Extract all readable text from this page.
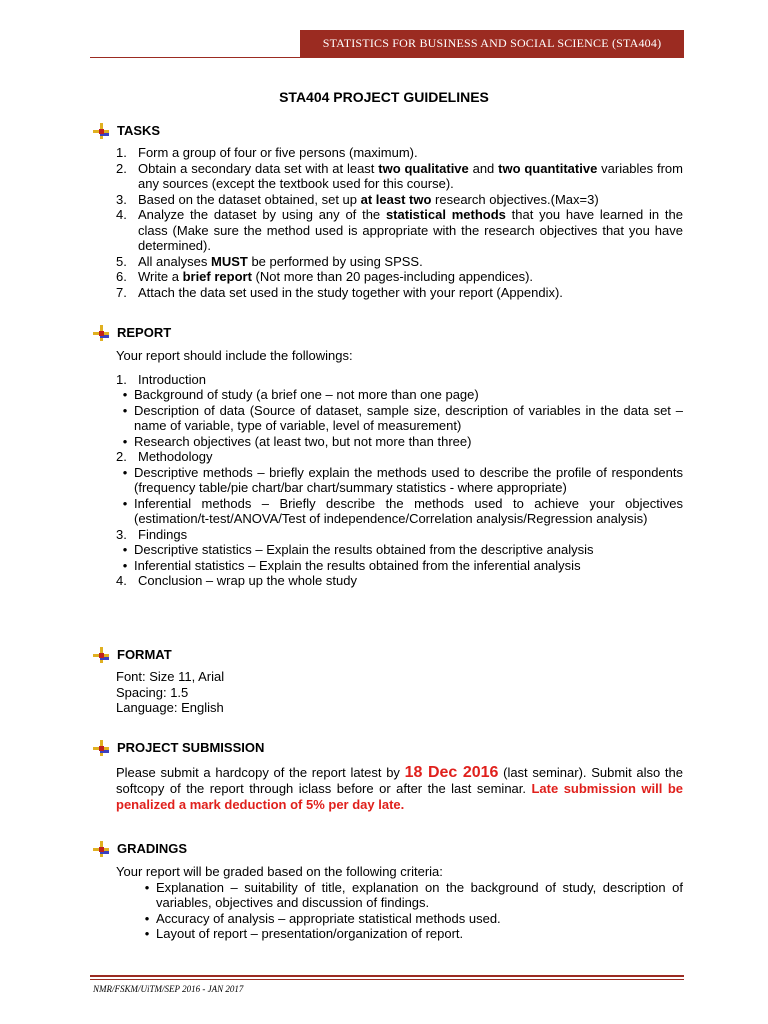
STATISTICS FOR BUSINESS AND SOCIAL SCIENCE (STA404)
STA404 PROJECT GUIDELINES
TASKS
1. Form a group of four or five persons (maximum).
2. Obtain a secondary data set with at least two qualitative and two quantitative variables from any sources (except the textbook used for this course).
3. Based on the dataset obtained, set up at least two research objectives.(Max=3)
4. Analyze the dataset by using any of the statistical methods that you have learned in the class (Make sure the method used is appropriate with the research objectives that you have determined).
5. All analyses MUST be performed by using SPSS.
6. Write a brief report (Not more than 20 pages-including appendices).
7. Attach the data set used in the study together with your report (Appendix).
REPORT

Your report should include the followings:

1. Introduction
• Background of study (a brief one – not more than one page)
• Description of data (Source of dataset, sample size, description of variables in the data set – name of variable, type of variable, level of measurement)
• Research objectives (at least two, but not more than three)
2. Methodology
• Descriptive methods – briefly explain the methods used to describe the profile of respondents (frequency table/pie chart/bar chart/summary statistics - where appropriate)
• Inferential methods – Briefly describe the methods used to achieve your objectives (estimation/t-test/ANOVA/Test of independence/Correlation analysis/Regression analysis)
3. Findings
• Descriptive statistics – Explain the results obtained from the descriptive analysis
• Inferential statistics – Explain the results obtained from the inferential analysis
4. Conclusion – wrap up the whole study
FORMAT

Font: Size 11, Arial

Spacing: 1.5

Language: English

PROJECT SUBMISSION

Please submit a hardcopy of the report latest by 18 Dec 2016 (last seminar). Submit also the softcopy of the report through iclass before or after the last seminar. Late submission will be penalized a mark deduction of 5% per day late.

GRADINGS

Your report will be graded based on the following criteria:

• Explanation – suitability of title, explanation on the background of study, description of variables, objectives and discussion of findings.
• Accuracy of analysis – appropriate statistical methods used.
• Layout of report – presentation/organization of report.
NMR/FSKM/UiTM/SEP 2016 - JAN 2017
